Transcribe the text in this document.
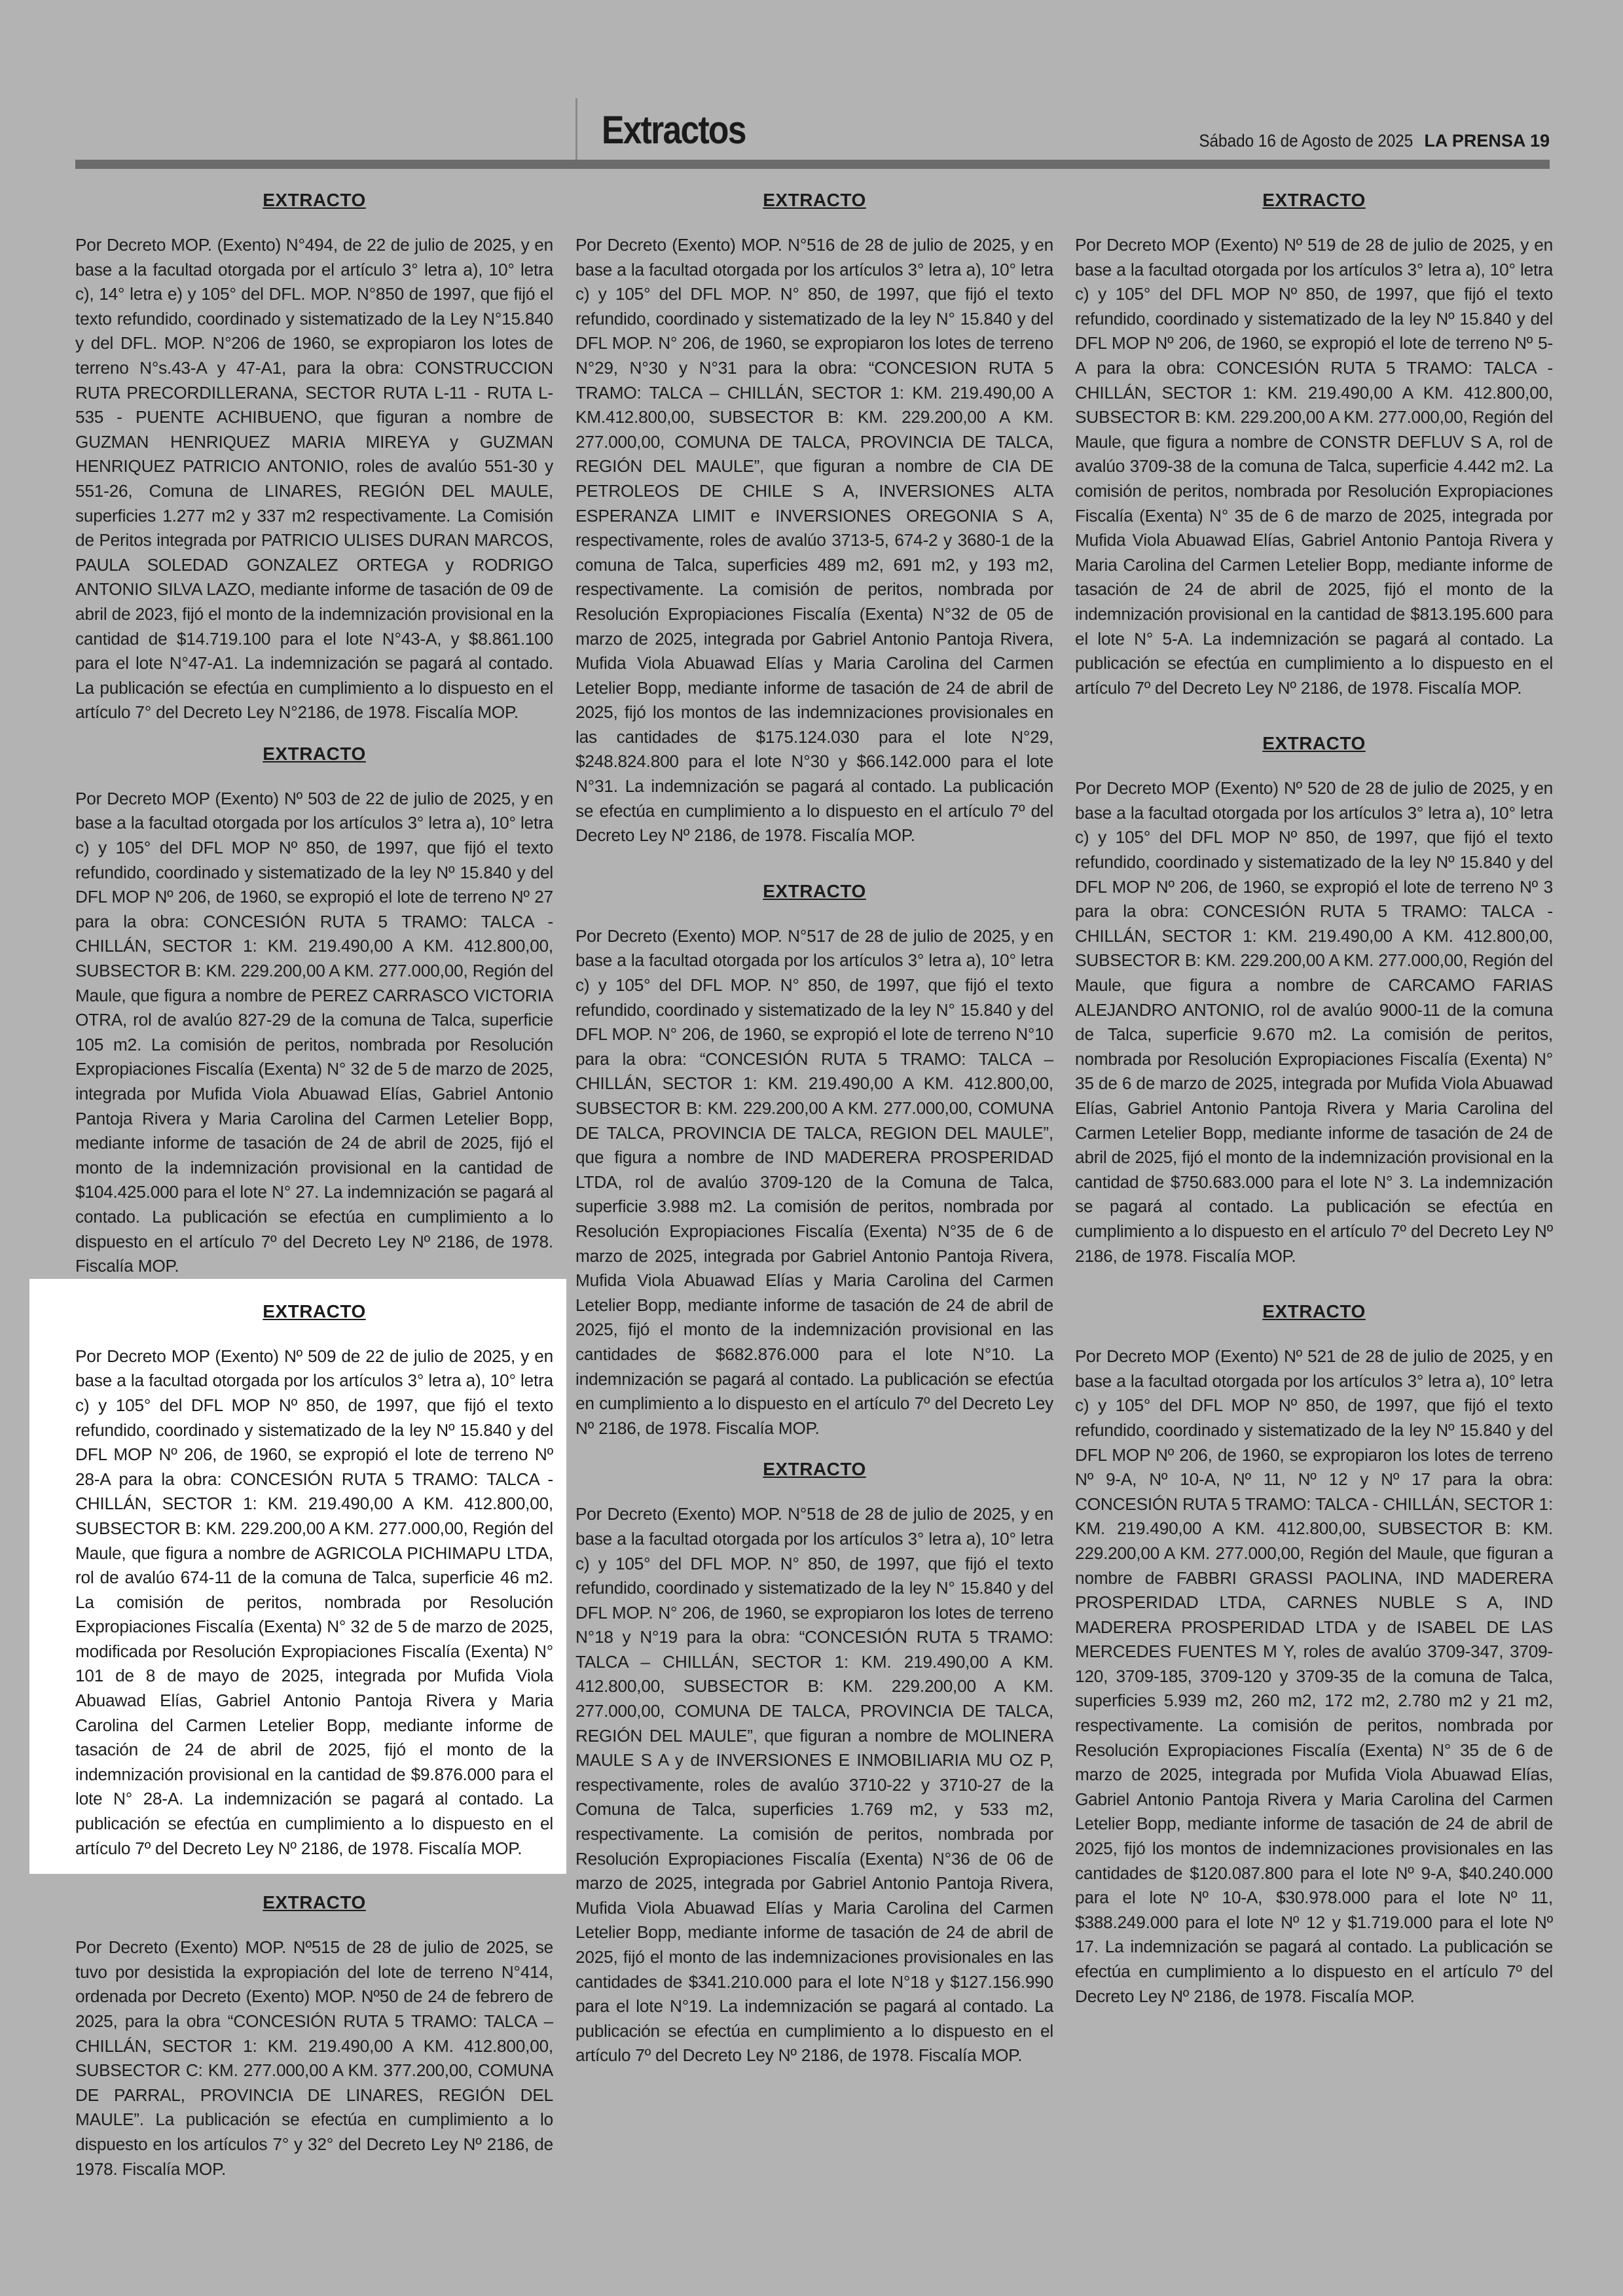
Extractos	Sábado 16 de Agosto de 2025 LA PRENSA 19
EXTRACTO

Por Decreto MOP. (Exento) N°494, de 22 de julio de 2025, y en base a la facultad otorgada por el artículo 3° letra a), 10° letra c), 14° letra e) y 105° del DFL. MOP. N°850 de 1997, que fijó el texto refundido, coordinado y sistematizado de la Ley N°15.840 y del DFL. MOP. N°206 de 1960, se expropiaron los lotes de terreno N°s.43-A y 47-A1, para la obra: CONSTRUCCION RUTA PRECORDILLERANA, SECTOR RUTA L-11 - RUTA L-535 - PUENTE ACHIBUENO, que figuran a nombre de GUZMAN HENRIQUEZ MARIA MIREYA y GUZMAN HENRIQUEZ PATRICIO ANTONIO, roles de avalúo 551-30 y 551-26, Comuna de LINARES, REGIÓN DEL MAULE, superficies 1.277 m2 y 337 m2 respectivamente. La Comisión de Peritos integrada por PATRICIO ULISES DURAN MARCOS, PAULA SOLEDAD GONZALEZ ORTEGA y RODRIGO ANTONIO SILVA LAZO, mediante informe de tasación de 09 de abril de 2023, fijó el monto de la indemnización provisional en la cantidad de $14.719.100 para el lote N°43-A, y $8.861.100 para el lote N°47-A1. La indemnización se pagará al contado. La publicación se efectúa en cumplimiento a lo dispuesto en el artículo 7° del Decreto Ley N°2186, de 1978. Fiscalía MOP.

EXTRACTO

Por Decreto MOP (Exento) Nº 503 de 22 de julio de 2025, y en base a la facultad otorgada por los artículos 3° letra a), 10° letra c) y 105° del DFL MOP Nº 850, de 1997, que fijó el texto refundido, coordinado y sistematizado de la ley Nº 15.840 y del DFL MOP Nº 206, de 1960, se expropió el lote de terreno Nº 27 para la obra: CONCESIÓN RUTA 5 TRAMO: TALCA - CHILLÁN, SECTOR 1: KM. 219.490,00 A KM. 412.800,00, SUBSECTOR B: KM. 229.200,00 A KM. 277.000,00, Región del Maule, que figura a nombre de PEREZ CARRASCO VICTORIA OTRA, rol de avalúo 827-29 de la comuna de Talca, superficie 105 m2. La comisión de peritos, nombrada por Resolución Expropiaciones Fiscalía (Exenta) N° 32 de 5 de marzo de 2025, integrada por Mufida Viola Abuawad Elías, Gabriel Antonio Pantoja Rivera y Maria Carolina del Carmen Letelier Bopp, mediante informe de tasación de 24 de abril de 2025, fijó el monto de la indemnización provisional en la cantidad de $104.425.000 para el lote N° 27. La indemnización se pagará al contado. La publicación se efectúa en cumplimiento a lo dispuesto en el artículo 7º del Decreto Ley Nº 2186, de 1978. Fiscalía MOP.

EXTRACTO

Por Decreto MOP (Exento) Nº 509 de 22 de julio de 2025, y en base a la facultad otorgada por los artículos 3° letra a), 10° letra c) y 105° del DFL MOP Nº 850, de 1997, que fijó el texto refundido, coordinado y sistematizado de la ley Nº 15.840 y del DFL MOP Nº 206, de 1960, se expropió el lote de terreno Nº 28-A para la obra: CONCESIÓN RUTA 5 TRAMO: TALCA - CHILLÁN, SECTOR 1: KM. 219.490,00 A KM. 412.800,00, SUBSECTOR B: KM. 229.200,00 A KM. 277.000,00, Región del Maule, que figura a nombre de AGRICOLA PICHIMAPU LTDA, rol de avalúo 674-11 de la comuna de Talca, superficie 46 m2. La comisión de peritos, nombrada por Resolución Expropiaciones Fiscalía (Exenta) N° 32 de 5 de marzo de 2025, modificada por Resolución Expropiaciones Fiscalía (Exenta) N° 101 de 8 de mayo de 2025, integrada por Mufida Viola Abuawad Elías, Gabriel Antonio Pantoja Rivera y Maria Carolina del Carmen Letelier Bopp, mediante informe de tasación de 24 de abril de 2025, fijó el monto de la indemnización provisional en la cantidad de $9.876.000 para el lote N° 28-A. La indemnización se pagará al contado. La publicación se efectúa en cumplimiento a lo dispuesto en el artículo 7º del Decreto Ley Nº 2186, de 1978. Fiscalía MOP.

EXTRACTO

Por Decreto (Exento) MOP. Nº515 de 28 de julio de 2025, se tuvo por desistida la expropiación del lote de terreno N°414, ordenada por Decreto (Exento) MOP. Nº50 de 24 de febrero de 2025, para la obra “CONCESIÓN RUTA 5 TRAMO: TALCA – CHILLÁN, SECTOR 1: KM. 219.490,00 A KM. 412.800,00, SUBSECTOR C: KM. 277.000,00 A KM. 377.200,00, COMUNA DE PARRAL, PROVINCIA DE LINARES, REGIÓN DEL MAULE”. La publicación se efectúa en cumplimiento a lo dispuesto en los artículos 7° y 32° del Decreto Ley Nº 2186, de 1978. Fiscalía MOP.

EXTRACTO

Por Decreto (Exento) MOP. N°516 de 28 de julio de 2025, y en base a la facultad otorgada por los artículos 3° letra a), 10° letra c) y 105° del DFL MOP. N° 850, de 1997, que fijó el texto refundido, coordinado y sistematizado de la ley N° 15.840 y del DFL MOP. N° 206, de 1960, se expropiaron los lotes de terreno N°29, N°30 y N°31 para la obra: “CONCESION RUTA 5 TRAMO: TALCA – CHILLÁN, SECTOR 1: KM. 219.490,00 A KM.412.800,00, SUBSECTOR B: KM. 229.200,00 A KM. 277.000,00, COMUNA DE TALCA, PROVINCIA DE TALCA, REGIÓN DEL MAULE”, que figuran a nombre de CIA DE PETROLEOS DE CHILE S A, INVERSIONES ALTA ESPERANZA LIMIT e INVERSIONES OREGONIA S A, respectivamente, roles de avalúo 3713-5, 674-2 y 3680-1 de la comuna de Talca, superficies 489 m2, 691 m2, y 193 m2, respectivamente. La comisión de peritos, nombrada por Resolución Expropiaciones Fiscalía (Exenta) N°32 de 05 de marzo de 2025, integrada por Gabriel Antonio Pantoja Rivera, Mufida Viola Abuawad Elías y Maria Carolina del Carmen Letelier Bopp, mediante informe de tasación de 24 de abril de 2025, fijó los montos de las indemnizaciones provisionales en las cantidades de $175.124.030 para el lote N°29, $248.824.800 para el lote N°30 y $66.142.000 para el lote N°31. La indemnización se pagará al contado. La publicación se efectúa en cumplimiento a lo dispuesto en el artículo 7º del Decreto Ley Nº 2186, de 1978. Fiscalía MOP.

EXTRACTO

Por Decreto (Exento) MOP. N°517 de 28 de julio de 2025, y en base a la facultad otorgada por los artículos 3° letra a), 10° letra c) y 105° del DFL MOP. N° 850, de 1997, que fijó el texto refundido, coordinado y sistematizado de la ley N° 15.840 y del DFL MOP. N° 206, de 1960, se expropió el lote de terreno N°10 para la obra: “CONCESIÓN RUTA 5 TRAMO: TALCA – CHILLÁN, SECTOR 1: KM. 219.490,00 A KM. 412.800,00, SUBSECTOR B: KM. 229.200,00 A KM. 277.000,00, COMUNA DE TALCA, PROVINCIA DE TALCA, REGION DEL MAULE”, que figura a nombre de IND MADERERA PROSPERIDAD LTDA, rol de avalúo 3709-120 de la Comuna de Talca, superficie 3.988 m2. La comisión de peritos, nombrada por Resolución Expropiaciones Fiscalía (Exenta) N°35 de 6 de marzo de 2025, integrada por Gabriel Antonio Pantoja Rivera, Mufida Viola Abuawad Elías y Maria Carolina del Carmen Letelier Bopp, mediante informe de tasación de 24 de abril de 2025, fijó el monto de la indemnización provisional en las cantidades de $682.876.000 para el lote N°10. La indemnización se pagará al contado. La publicación se efectúa en cumplimiento a lo dispuesto en el artículo 7º del Decreto Ley Nº 2186, de 1978. Fiscalía MOP.

EXTRACTO

Por Decreto (Exento) MOP. N°518 de 28 de julio de 2025, y en base a la facultad otorgada por los artículos 3° letra a), 10° letra c) y 105° del DFL MOP. N° 850, de 1997, que fijó el texto refundido, coordinado y sistematizado de la ley N° 15.840 y del DFL MOP. N° 206, de 1960, se expropiaron los lotes de terreno N°18 y N°19 para la obra: “CONCESIÓN RUTA 5 TRAMO: TALCA – CHILLÁN, SECTOR 1: KM. 219.490,00 A KM. 412.800,00, SUBSECTOR B: KM. 229.200,00 A KM. 277.000,00, COMUNA DE TALCA, PROVINCIA DE TALCA, REGIÓN DEL MAULE”, que figuran a nombre de MOLINERA MAULE S A y de INVERSIONES E INMOBILIARIA MU OZ P, respectivamente, roles de avalúo 3710-22 y 3710-27 de la Comuna de Talca, superficies 1.769 m2, y 533 m2, respectivamente. La comisión de peritos, nombrada por Resolución Expropiaciones Fiscalía (Exenta) N°36 de 06 de marzo de 2025, integrada por Gabriel Antonio Pantoja Rivera, Mufida Viola Abuawad Elías y Maria Carolina del Carmen Letelier Bopp, mediante informe de tasación de 24 de abril de 2025, fijó el monto de las indemnizaciones provisionales en las cantidades de $341.210.000 para el lote N°18 y $127.156.990 para el lote N°19. La indemnización se pagará al contado. La publicación se efectúa en cumplimiento a lo dispuesto en el artículo 7º del Decreto Ley Nº 2186, de 1978. Fiscalía MOP.

EXTRACTO

Por Decreto MOP (Exento) Nº 519 de 28 de julio de 2025, y en base a la facultad otorgada por los artículos 3° letra a), 10° letra c) y 105° del DFL MOP Nº 850, de 1997, que fijó el texto refundido, coordinado y sistematizado de la ley Nº 15.840 y del DFL MOP Nº 206, de 1960, se expropió el lote de terreno Nº 5-A para la obra: CONCESIÓN RUTA 5 TRAMO: TALCA - CHILLÁN, SECTOR 1: KM. 219.490,00 A KM. 412.800,00, SUBSECTOR B: KM. 229.200,00 A KM. 277.000,00, Región del Maule, que figura a nombre de CONSTR DEFLUV S A, rol de avalúo 3709-38 de la comuna de Talca, superficie 4.442 m2. La comisión de peritos, nombrada por Resolución Expropiaciones Fiscalía (Exenta) N° 35 de 6 de marzo de 2025, integrada por Mufida Viola Abuawad Elías, Gabriel Antonio Pantoja Rivera y Maria Carolina del Carmen Letelier Bopp, mediante informe de tasación de 24 de abril de 2025, fijó el monto de la indemnización provisional en la cantidad de $813.195.600 para el lote N° 5-A. La indemnización se pagará al contado. La publicación se efectúa en cumplimiento a lo dispuesto en el artículo 7º del Decreto Ley Nº 2186, de 1978. Fiscalía MOP.

EXTRACTO

Por Decreto MOP (Exento) Nº 520 de 28 de julio de 2025, y en base a la facultad otorgada por los artículos 3° letra a), 10° letra c) y 105° del DFL MOP Nº 850, de 1997, que fijó el texto refundido, coordinado y sistematizado de la ley Nº 15.840 y del DFL MOP Nº 206, de 1960, se expropió el lote de terreno Nº 3 para la obra: CONCESIÓN RUTA 5 TRAMO: TALCA - CHILLÁN, SECTOR 1: KM. 219.490,00 A KM. 412.800,00, SUBSECTOR B: KM. 229.200,00 A KM. 277.000,00, Región del Maule, que figura a nombre de CARCAMO FARIAS ALEJANDRO ANTONIO, rol de avalúo 9000-11 de la comuna de Talca, superficie 9.670 m2. La comisión de peritos, nombrada por Resolución Expropiaciones Fiscalía (Exenta) N° 35 de 6 de marzo de 2025, integrada por Mufida Viola Abuawad Elías, Gabriel Antonio Pantoja Rivera y Maria Carolina del Carmen Letelier Bopp, mediante informe de tasación de 24 de abril de 2025, fijó el monto de la indemnización provisional en la cantidad de $750.683.000 para el lote N° 3. La indemnización se pagará al contado. La publicación se efectúa en cumplimiento a lo dispuesto en el artículo 7º del Decreto Ley Nº 2186, de 1978. Fiscalía MOP.

EXTRACTO

Por Decreto MOP (Exento) Nº 521 de 28 de julio de 2025, y en base a la facultad otorgada por los artículos 3° letra a), 10° letra c) y 105° del DFL MOP Nº 850, de 1997, que fijó el texto refundido, coordinado y sistematizado de la ley Nº 15.840 y del DFL MOP Nº 206, de 1960, se expropiaron los lotes de terreno Nº 9-A, Nº 10-A, Nº 11, Nº 12 y Nº 17 para la obra: CONCESIÓN RUTA 5 TRAMO: TALCA - CHILLÁN, SECTOR 1: KM. 219.490,00 A KM. 412.800,00, SUBSECTOR B: KM. 229.200,00 A KM. 277.000,00, Región del Maule, que figuran a nombre de FABBRI GRASSI PAOLINA, IND MADERERA PROSPERIDAD LTDA, CARNES NUBLE S A, IND MADERERA PROSPERIDAD LTDA y de ISABEL DE LAS MERCEDES FUENTES M Y, roles de avalúo 3709-347, 3709-120, 3709-185, 3709-120 y 3709-35 de la comuna de Talca, superficies 5.939 m2, 260 m2, 172 m2, 2.780 m2 y 21 m2, respectivamente. La comisión de peritos, nombrada por Resolución Expropiaciones Fiscalía (Exenta) N° 35 de 6 de marzo de 2025, integrada por Mufida Viola Abuawad Elías, Gabriel Antonio Pantoja Rivera y Maria Carolina del Carmen Letelier Bopp, mediante informe de tasación de 24 de abril de 2025, fijó los montos de indemnizaciones provisionales en las cantidades de $120.087.800 para el lote Nº 9-A, $40.240.000 para el lote Nº 10-A, $30.978.000 para el lote Nº 11, $388.249.000 para el lote Nº 12 y $1.719.000 para el lote Nº 17. La indemnización se pagará al contado. La publicación se efectúa en cumplimiento a lo dispuesto en el artículo 7º del Decreto Ley Nº 2186, de 1978. Fiscalía MOP.
